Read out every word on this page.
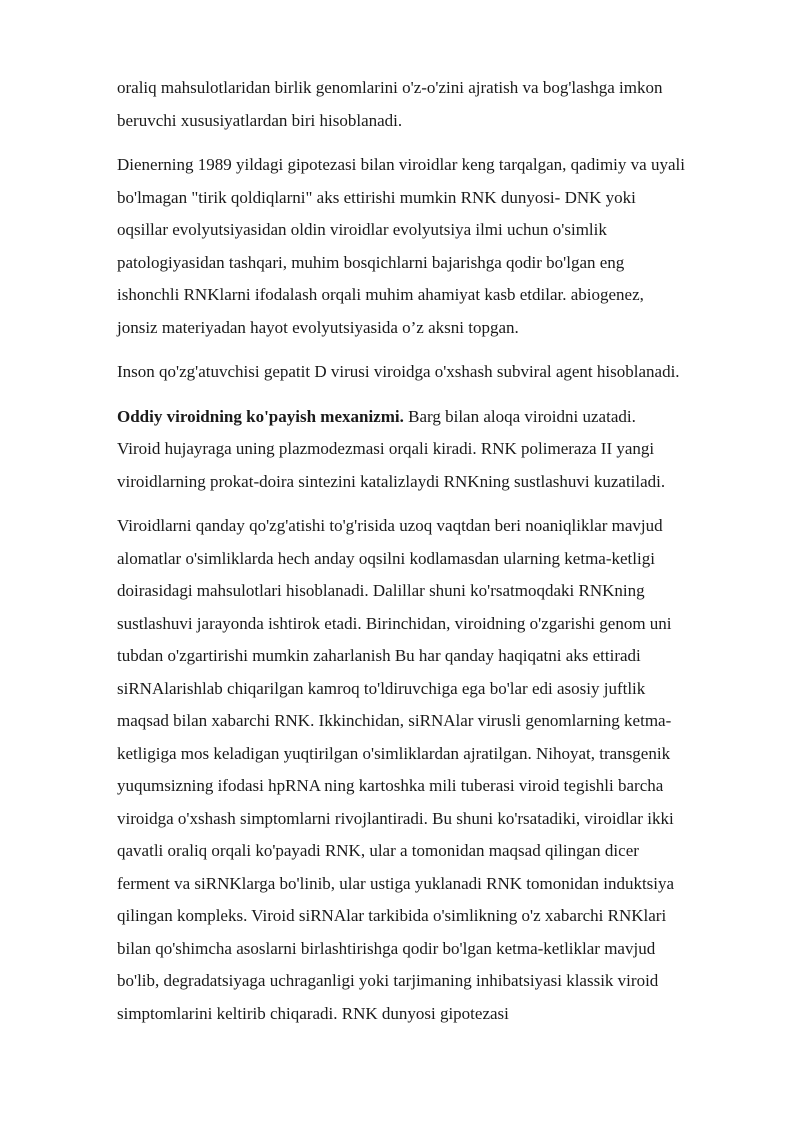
oraliq mahsulotlaridan birlik genomlarini o'z-o'zini ajratish va bog'lashga imkon
beruvchi xususiyatlardan biri hisoblanadi.

Dienerning 1989 yildagi gipotezasi bilan viroidlar keng tarqalgan, qadimiy va uyali
bo'lmagan "tirik qoldiqlarni" aks ettirishi mumkin RNK dunyosi- DNK yoki
oqsillar evolyutsiyasidan oldin viroidlar evolyutsiya ilmi uchun o'simlik
patologiyasidan tashqari, muhim bosqichlarni bajarishga qodir bo'lgan eng
ishonchli RNKlarni ifodalash orqali muhim ahamiyat kasb etdilar. abiogenez,
jonsiz materiyadan hayot evolyutsiyasida o’z aksni topgan.

Inson qo'zg'atuvchisi gepatit D virusi viroidga o'xshash subviral agent hisoblanadi.

Oddiy viroidning ko'payish mexanizmi. Barg bilan aloqa viroidni uzatadi.
Viroid hujayraga uning plazmodezmasi orqali kiradi. RNK polimeraza II yangi
viroidlarning prokat-doira sintezini katalizlaydi RNKning sustlashuvi kuzatiladi.

Viroidlarni qanday qo'zg'atishi to'g'risida uzoq vaqtdan beri noaniqliklar mavjud
alomatlar o'simliklarda hech anday oqsilni kodlamasdan ularning ketma-ketligi
doirasidagi mahsulotlari hisoblanadi. Dalillar shuni ko'rsatmoqdaki RNKning
sustlashuvi jarayonda ishtirok etadi. Birinchidan, viroidning o'zgarishi genom uni
tubdan o'zgartirishi mumkin zaharlanish Bu har qanday haqiqatni aks ettiradi
siRNAlarishlab chiqarilgan kamroq to'ldiruvchiga ega bo'lar edi asosiy juftlik
maqsad bilan xabarchi RNK. Ikkinchidan, siRNAlar virusli genomlarning ketma-
ketligiga mos keladigan yuqtirilgan o'simliklardan ajratilgan. Nihoyat, transgenik
yuqumsizning ifodasi hpRNA ning kartoshka mili tuberasi viroid tegishli barcha
viroidga o'xshash simptomlarni rivojlantiradi. Bu shuni ko'rsatadiki, viroidlar ikki
qavatli oraliq orqali ko'payadi RNK, ular a tomonidan maqsad qilingan dicer
ferment va siRNKlarga bo'linib, ular ustiga yuklanadi RNK tomonidan induktsiya
qilingan kompleks. Viroid siRNAlar tarkibida o'simlikning o'z xabarchi RNKlari
bilan qo'shimcha asoslarni birlashtirishga qodir bo'lgan ketma-ketliklar mavjud
bo'lib, degradatsiyaga uchraganligi yoki tarjimaning inhibatsiyasi klassik viroid
simptomlarini keltirib chiqaradi. RNK dunyosi gipotezasi
